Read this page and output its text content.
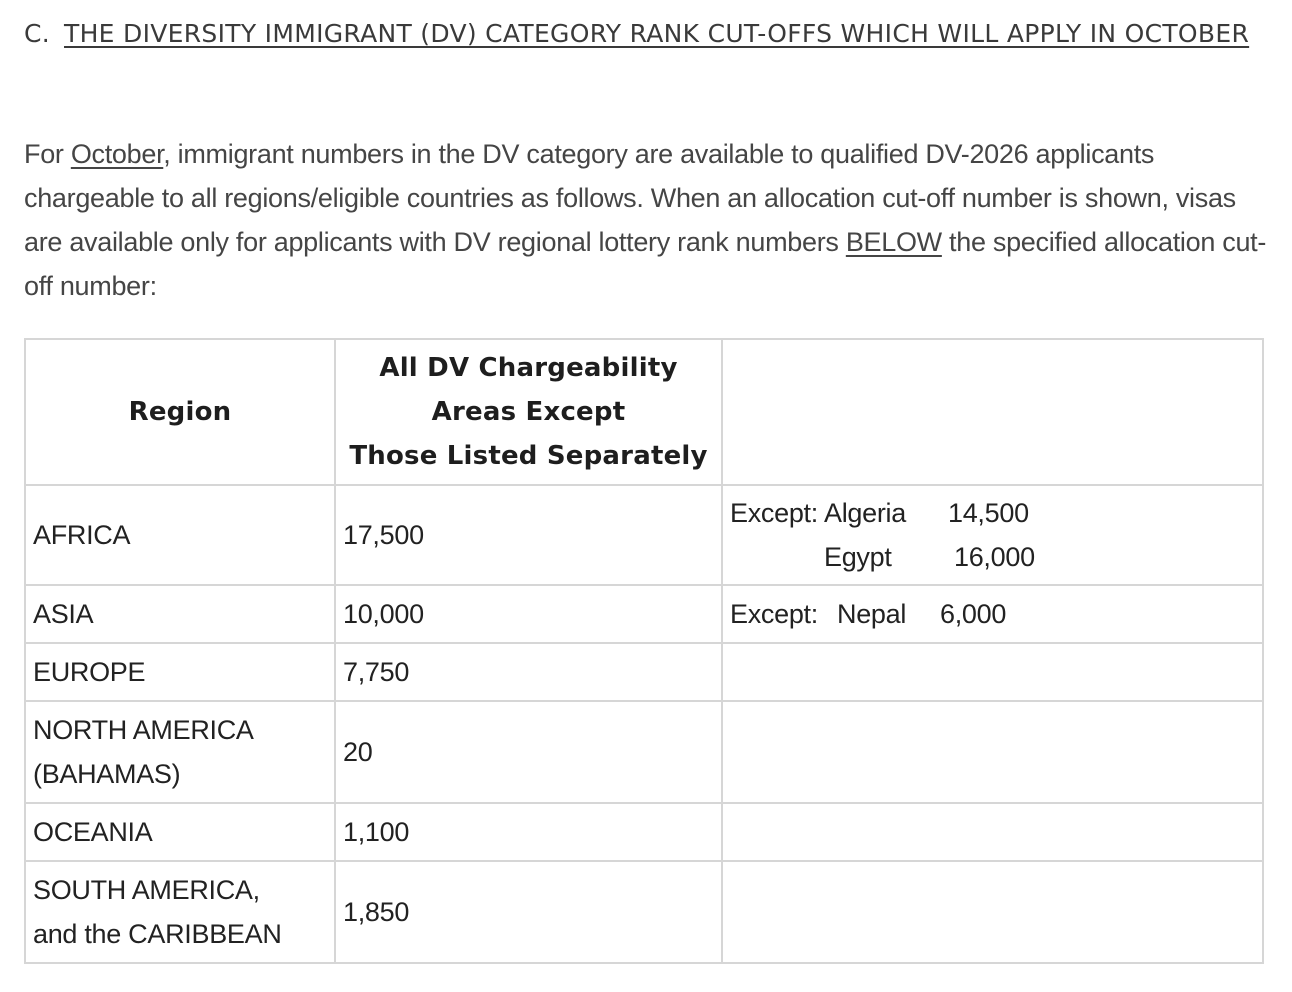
C. THE DIVERSITY IMMIGRANT (DV) CATEGORY RANK CUT-OFFS WHICH WILL APPLY IN OCTOBER

For October, immigrant numbers in the DV category are available to qualified DV-2026 applicants chargeable to all regions/eligible countries as follows. When an allocation cut-off number is shown, visas are available only for applicants with DV regional lottery rank numbers BELOW the specified allocation cut-off number:

Region	All DV Chargeability
Areas Except
Those Listed Separately	

AFRICA	17,500	Except: Algeria 14,500
Egypt 16,000

ASIA	10,000	Except: Nepal 6,000

EUROPE	7,750	

NORTH AMERICA
(BAHAMAS)	20	
OCEANIA	1,100	

SOUTH AMERICA,
and the CARIBBEAN	1,850	
